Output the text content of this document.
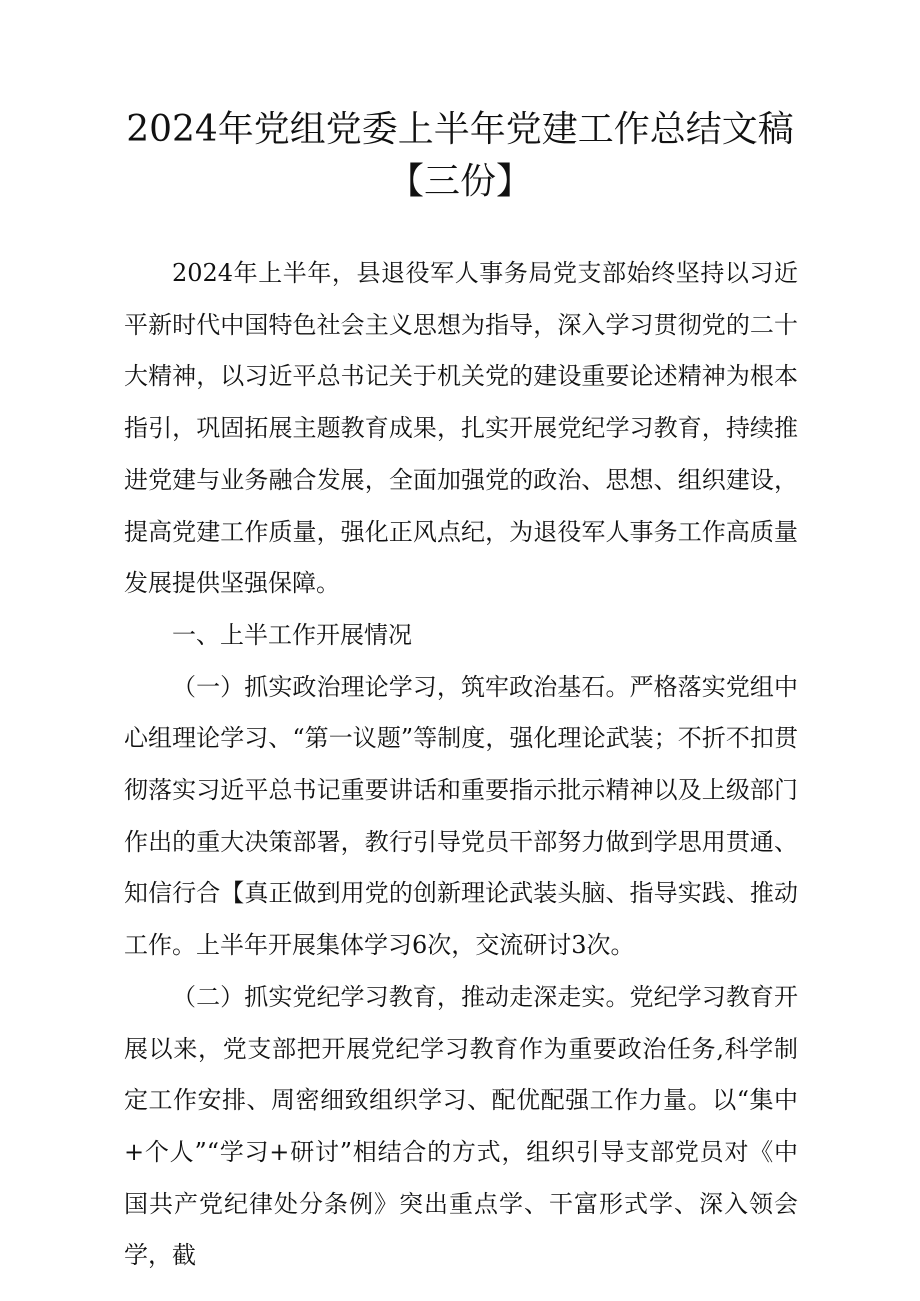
2024年党组党委上半年党建工作总结文稿
【三份】

2024年上半年，县退役军人事务局党支部始终坚持以习近平新时代中国特色社会主义思想为指导，深入学习贯彻党的二十大精神，以习近平总书记关于机关党的建设重要论述精神为根本指引，巩固拓展主题教育成果，扎实开展党纪学习教育，持续推进党建与业务融合发展，全面加强党的政治、思想、组织建设，提高党建工作质量，强化正风点纪，为退役军人事务工作高质量发展提供坚强保障。

一、上半工作开展情况

（一）抓实政治理论学习，筑牢政治基石。严格落实党组中心组理论学习、“第一议题”等制度，强化理论武装；不折不扣贯彻落实习近平总书记重要讲话和重要指示批示精神以及上级部门作出的重大决策部署，教行引导党员干部努力做到学思用贯通、知信行合【真正做到用党的创新理论武装头脑、指导实践、推动工作。上半年开展集体学习6次，交流研讨3次。

（二）抓实党纪学习教育，推动走深走实。党纪学习教育开展以来，党支部把开展党纪学习教育作为重要政治任务,科学制定工作安排、周密细致组织学习、配优配强工作力量。以“集中+个人”“学习+研讨”相结合的方式，组织引导支部党员对《中国共产党纪律处分条例》突出重点学、干富形式学、深入领会学，截
